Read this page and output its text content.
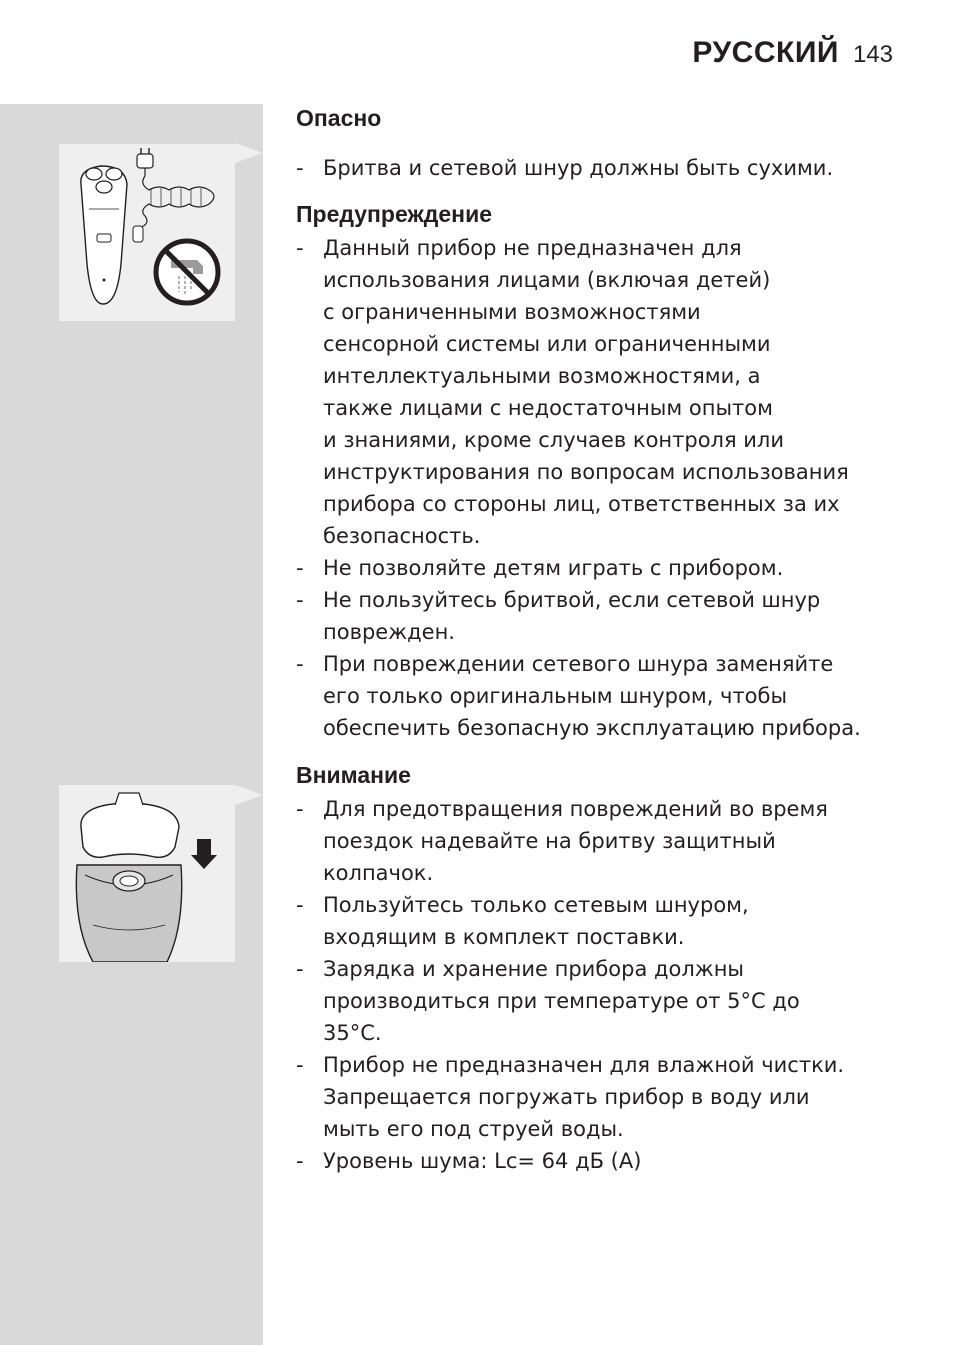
РУССКИЙ 143
Опасно
- Бритва и сетевой шнур должны быть сухими.
Предупреждение
- Данный прибор не предназначен для
использования лицами (включая детей)
с ограниченными возможностями
сенсорной системы или ограниченными
интеллектуальными возможностями, а
также лицами с недостаточным опытом
и знаниями, кроме случаев контроля или
инструктирования по вопросам использования
прибора со стороны лиц, ответственных за их
безопасность.
- Не позволяйте детям играть с прибором.
- Не пользуйтесь бритвой, если сетевой шнур
поврежден.
- При повреждении сетевого шнура заменяйте
его только оригинальным шнуром, чтобы
обеспечить безопасную эксплуатацию прибора.
Внимание
- Для предотвращения повреждений во время
поездок надевайте на бритву защитный
колпачок.
- Пользуйтесь только сетевым шнуром,
входящим в комплект поставки.
- Зарядка и хранение прибора должны
производиться при температуре от 5°C до
35°C.
- Прибор не предназначен для влажной чистки.
Запрещается погружать прибор в воду или
мыть его под струей воды.
- Уровень шума: Lc= 64 дБ (A)
